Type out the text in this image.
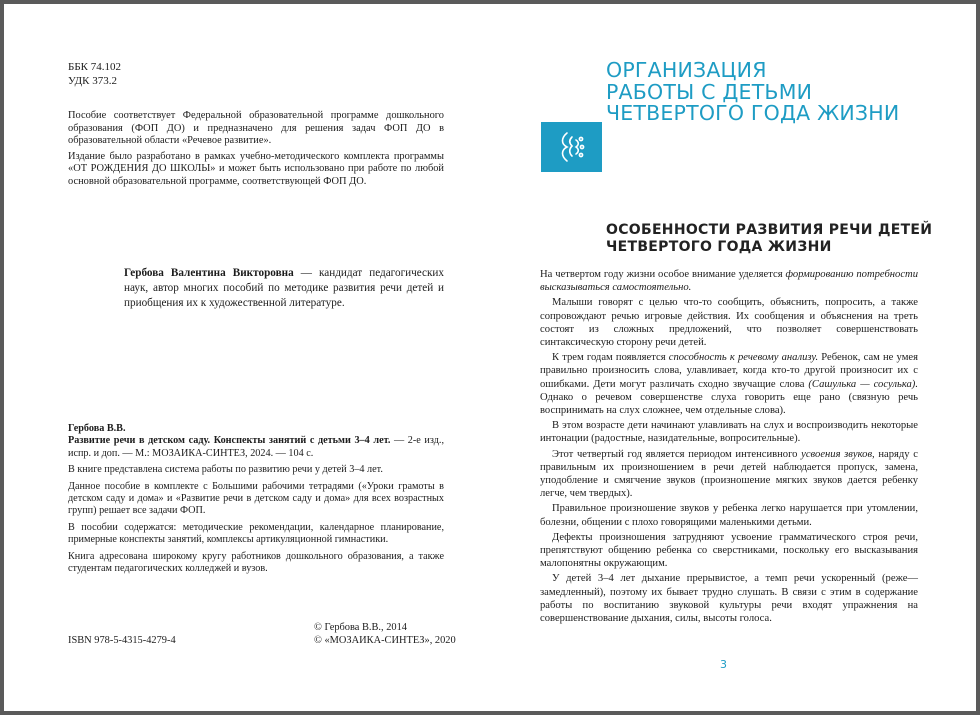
ББК 74.102
УДК 373.2

Пособие соответствует Федеральной образовательной программе дошкольного образования (ФОП ДО) и предназначено для решения задач ФОП ДО в образовательной области «Речевое развитие».

Издание было разработано в рамках учебно-методического комплекта программы «ОТ РОЖДЕНИЯ ДО ШКОЛЫ» и может быть использовано при работе по любой основной образовательной программе, соответствующей ФОП ДО.

Гербова Валентина Викторовна — кандидат педагогических наук, автор многих пособий по методике развития речи детей и приобщения их к художественной литературе.

Гербова В.В.

Развитие речи в детском саду. Конспекты занятий с детьми 3–4 лет. — 2-е изд., испр. и доп. — М.: МОЗАИКА-СИНТЕЗ, 2024. — 104 с.

В книге представлена система работы по развитию речи у детей 3–4 лет.

Данное пособие в комплекте с Большими рабочими тетрадями («Уроки грамоты в детском саду и дома» и «Развитие речи в детском саду и дома» для всех возрастных групп) решает все задачи ФОП.

В пособии содержатся: методические рекомендации, календарное планирование, примерные конспекты занятий, комплексы артикуляционной гимнастики.

Книга адресована широкому кругу работников дошкольного образования, а также студентам педагогических колледжей и вузов.

ISBN 978-5-4315-4279-4

© Гербова В.В., 2014
© «МОЗАИКА-СИНТЕЗ», 2020
ОРГАНИЗАЦИЯ
РАБОТЫ С ДЕТЬМИ
ЧЕТВЕРТОГО ГОДА ЖИЗНИ
ОСОБЕННОСТИ РАЗВИТИЯ РЕЧИ ДЕТЕЙ
ЧЕТВЕРТОГО ГОДА ЖИЗНИ

На четвертом году жизни особое внимание уделяется формированию потребности высказываться самостоятельно.

Малыши говорят с целью что-то сообщить, объяснить, попросить, а также сопровождают речью игровые действия. Их сообщения и объяснения на треть состоят из сложных предложений, что позволяет совершенствовать синтаксическую сторону речи детей.

К трем годам появляется способность к речевому анализу. Ребенок, сам не умея правильно произносить слова, улавливает, когда кто-то другой произносит их с ошибками. Дети могут различать сходно звучащие слова (Сашулька — сосулька). Однако о речевом совершенстве слуха говорить еще рано (связную речь воспринимать на слух сложнее, чем отдельные слова).

В этом возрасте дети начинают улавливать на слух и воспроизводить некоторые интонации (радостные, назидательные, вопросительные).

Этот четвертый год является периодом интенсивного усвоения звуков, наряду с правильным их произношением в речи детей наблюдается пропуск, замена, уподобление и смягчение звуков (произношение мягких звуков дается ребенку легче, чем твердых).

Правильное произношение звуков у ребенка легко нарушается при утомлении, болезни, общении с плохо говорящими маленькими детьми.

Дефекты произношения затрудняют усвоение грамматического строя речи, препятствуют общению ребенка со сверстниками, поскольку его высказывания малопонятны окружающим.

У детей 3–4 лет дыхание прерывистое, а темп речи ускоренный (реже—замедленный), поэтому их бывает трудно слушать. В связи с этим в содержание работы по воспитанию звуковой культуры речи входят упражнения на совершенствование дыхания, силы, высоты голоса.

3
